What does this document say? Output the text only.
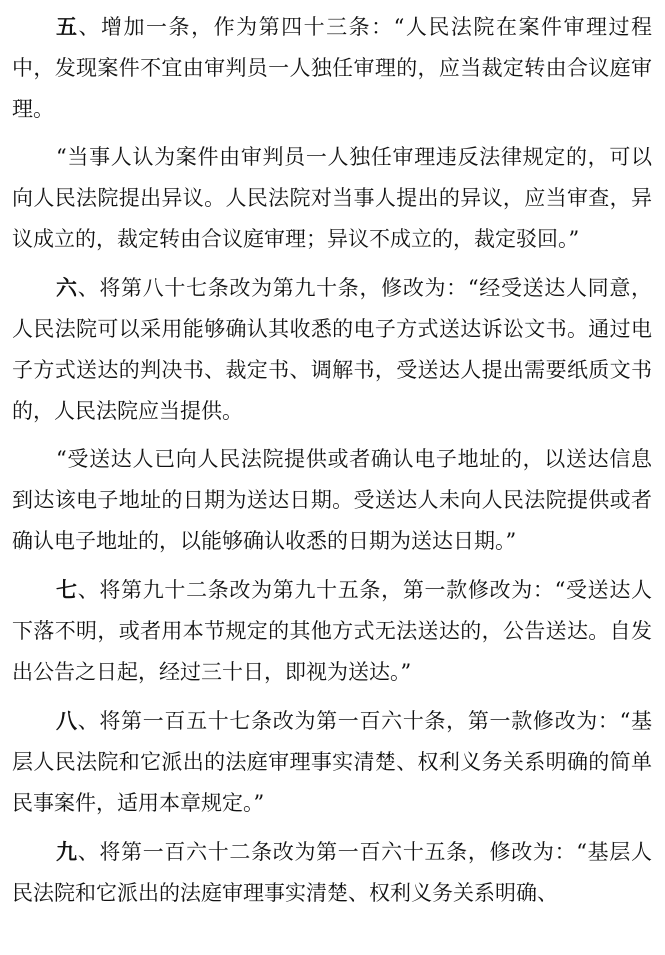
五、增加一条，作为第四十三条：“人民法院在案件审理过程中，发现案件不宜由审判员一人独任审理的，应当裁定转由合议庭审理。

“当事人认为案件由审判员一人独任审理违反法律规定的，可以向人民法院提出异议。人民法院对当事人提出的异议，应当审查，异议成立的，裁定转由合议庭审理；异议不成立的，裁定驳回。”

六、将第八十七条改为第九十条，修改为：“经受送达人同意，人民法院可以采用能够确认其收悉的电子方式送达诉讼文书。通过电子方式送达的判决书、裁定书、调解书，受送达人提出需要纸质文书的，人民法院应当提供。

“受送达人已向人民法院提供或者确认电子地址的，以送达信息到达该电子地址的日期为送达日期。受送达人未向人民法院提供或者确认电子地址的，以能够确认收悉的日期为送达日期。”

七、将第九十二条改为第九十五条，第一款修改为：“受送达人下落不明，或者用本节规定的其他方式无法送达的，公告送达。自发出公告之日起，经过三十日，即视为送达。”

八、将第一百五十七条改为第一百六十条，第一款修改为：“基层人民法院和它派出的法庭审理事实清楚、权利义务关系明确的简单民事案件，适用本章规定。”

九、将第一百六十二条改为第一百六十五条，修改为：“基层人民法院和它派出的法庭审理事实清楚、权利义务关系明确、
